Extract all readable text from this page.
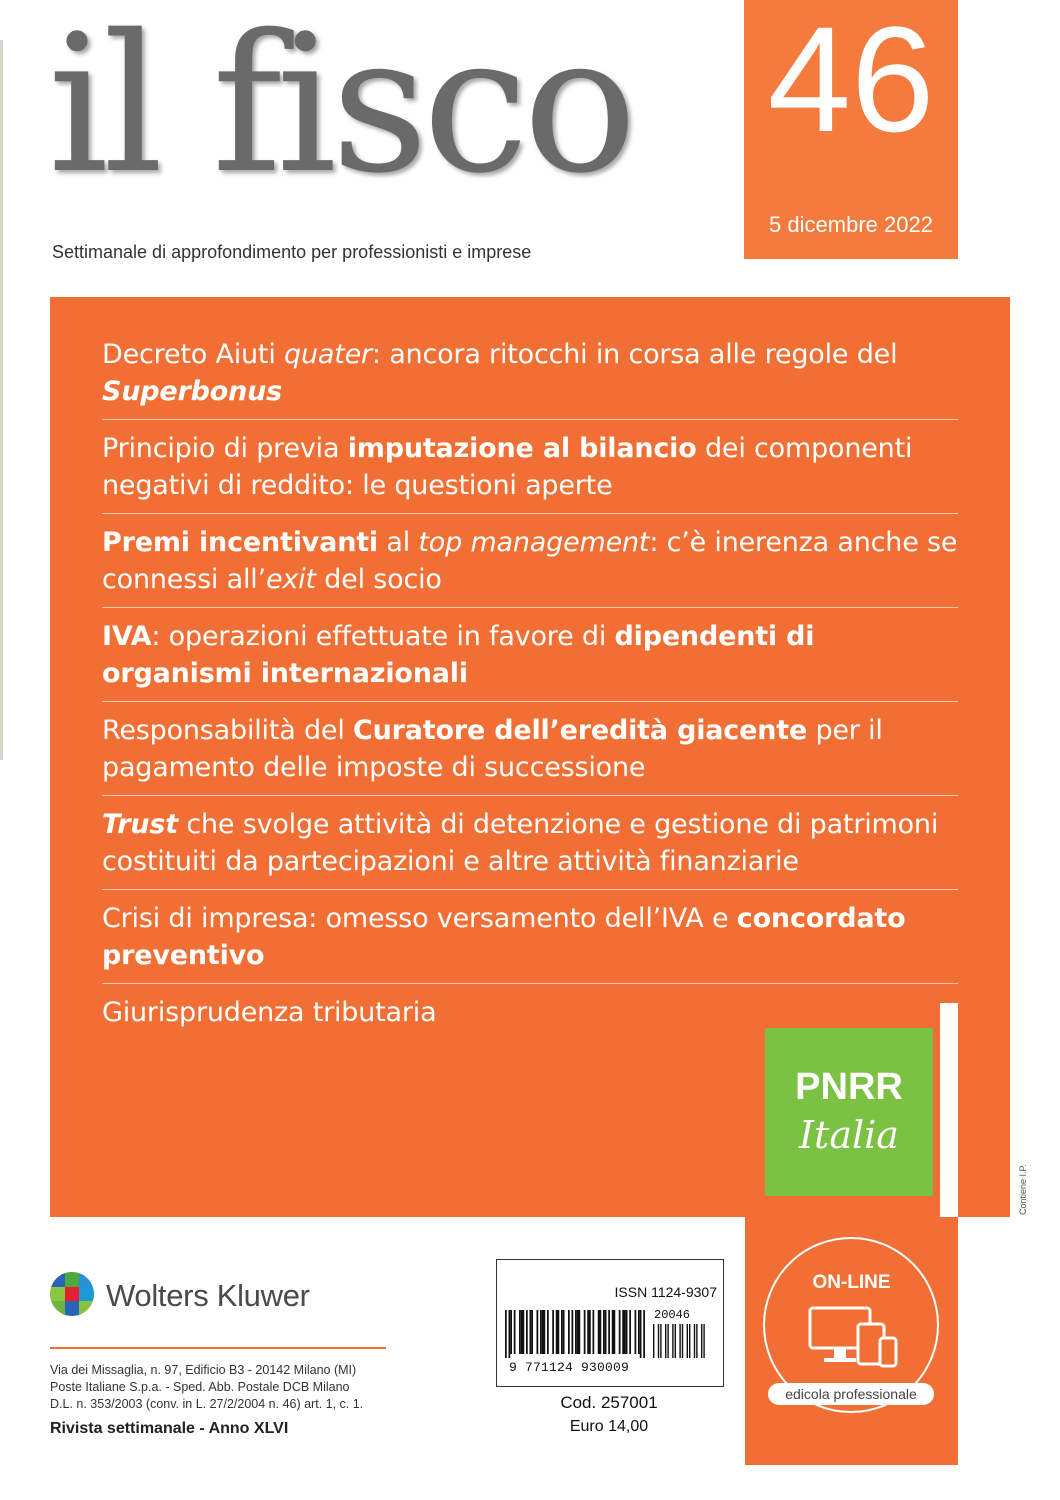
il fisco
Settimanale di approfondimento per professionisti e imprese
46
5 dicembre 2022
Decreto Aiuti quater: ancora ritocchi in corsa alle regole del Superbonus
Principio di previa imputazione al bilancio dei componenti negativi di reddito: le questioni aperte
Premi incentivanti al top management: c’è inerenza anche se connessi all’exit del socio
IVA: operazioni effettuate in favore di dipendenti di organismi internazionali
Responsabilità del Curatore dell’eredità giacente per il pagamento delle imposte di successione
Trust che svolge attività di detenzione e gestione di patrimoni costituiti da partecipazioni e altre attività finanziarie
Crisi di impresa: omesso versamento dell’IVA e concordato preventivo
Giurisprudenza tributaria
PNRR
Italia
ON-LINE
edicola professionale
Contiene I.P.
Wolters Kluwer
Via dei Missaglia, n. 97, Edificio B3 - 20142 Milano (MI)
Poste Italiane S.p.a. - Sped. Abb. Postale DCB Milano
D.L. n. 353/2003 (conv. in L. 27/2/2004 n. 46) art. 1, c. 1.
Rivista settimanale - Anno XLVI
ISSN 1124-9307
20046
9 771124 930009
Cod. 257001
Euro 14,00
